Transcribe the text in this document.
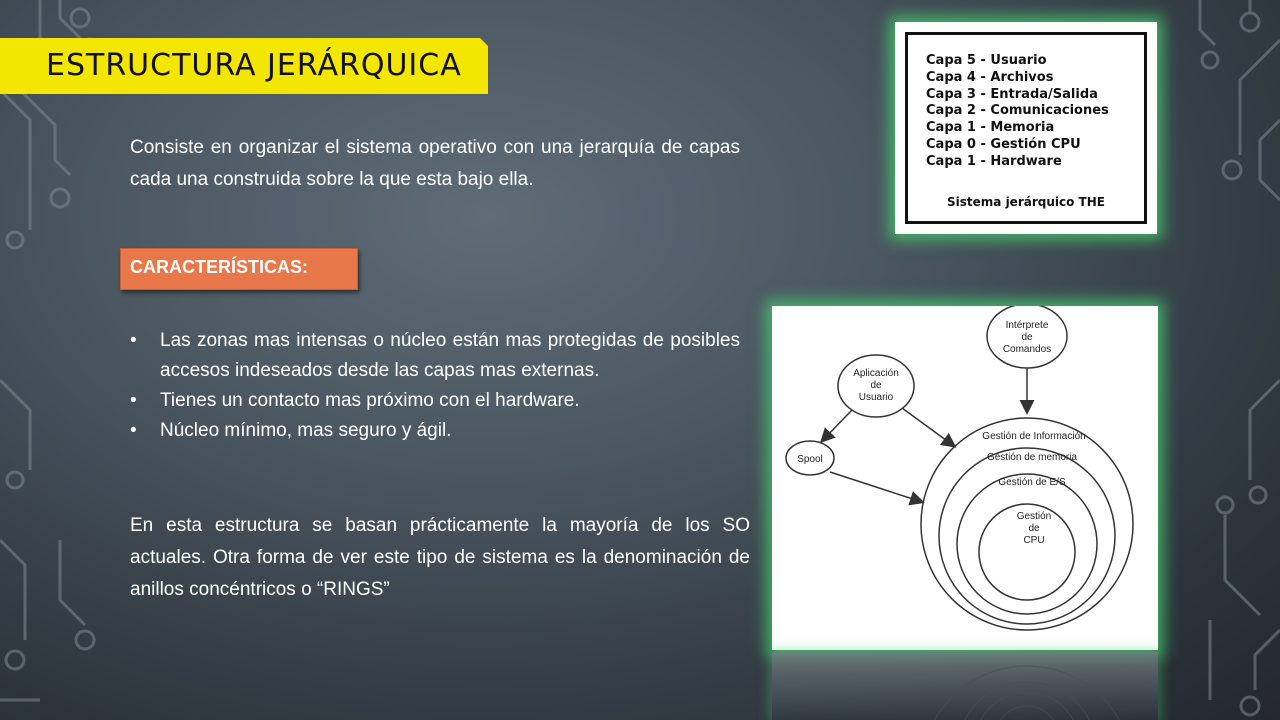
ESTRUCTURA JERÁRQUICA
Consiste en organizar el sistema operativo con una jerarquía de capas cada una construida sobre la que esta bajo ella.
CARACTERÍSTICAS:
• Las zonas mas intensas o núcleo están mas protegidas de posibles accesos indeseados desde las capas mas externas.
• Tienes un contacto mas próximo con el hardware.
• Núcleo mínimo, mas seguro y ágil.
En esta estructura se basan prácticamente la mayoría de los SO actuales. Otra forma de ver este tipo de sistema es la denominación de anillos concéntricos o “RINGS”
Capa 5 - Usuario
Capa 4 - Archivos
Capa 3 - Entrada/Salida
Capa 2 - Comunicaciones
Capa 1 - Memoria
Capa 0 - Gestión CPU
Capa 1 - Hardware
Sistema jerárquico THE
Intérprete
de
Comandos
Aplicación
de
Usuario
Spool
Gestión de Información
Gestión de memoria
Gestión de E/S
Gestión
de
CPU
